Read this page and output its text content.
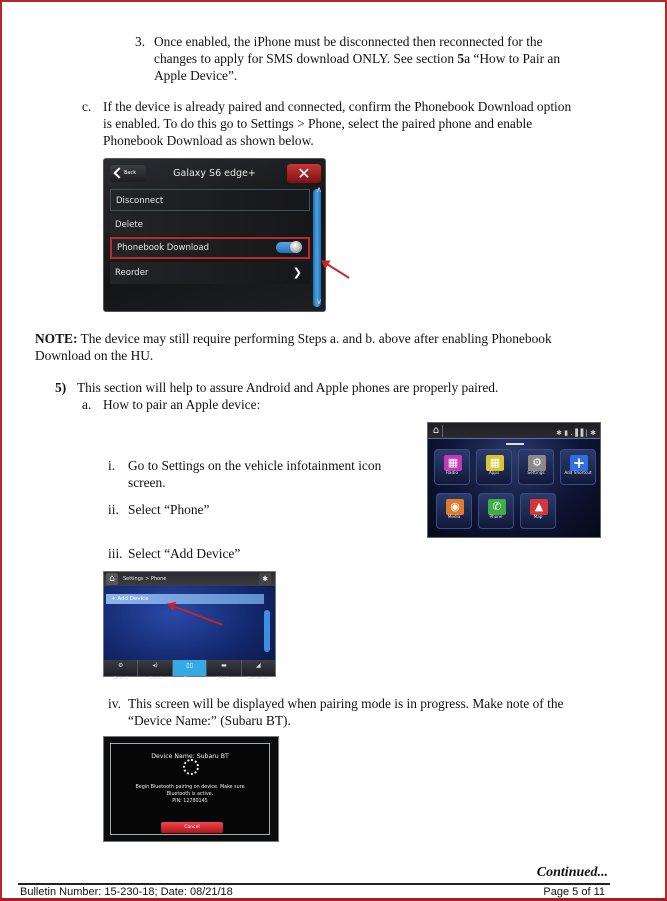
3. Once enabled, the iPhone must be disconnected then reconnected for the
changes to apply for SMS download ONLY. See section 5a “How to Pair an
Apple Device”.
c. If the device is already paired and connected, confirm the Phonebook Download option
is enabled. To do this go to Settings > Phone, select the paired phone and enable
Phonebook Download as shown below.
Back	Galaxy S6 edge+	✕
Disconnect
Delete
Phonebook Download
Reorder	❯
∧
∨
NOTE: The device may still require performing Steps a. and b. above after enabling Phonebook
Download on the HU.
5) This section will help to assure Android and Apple phones are properly paired.
a. How to pair an Apple device:
i. Go to Settings on the vehicle infotainment icon
screen.
ii. Select “Phone”
iii. Select “Add Device”
⌂	✱ ▮ .▐▐ | ✱
▦
Radio
▦
Apps
⚙
Settings
+
Add Shortcut
◉
Media
✆
Phone
▲
Map
⌂	Settings > Phone	✱
+ Add Device
⚙
General
◂)
Sound
▯▯
Phone
▬
Vehicle
◢
Navigation
iv. This screen will be displayed when pairing mode is in progress. Make note of the
“Device Name:” (Subaru BT).
Device Name: Subaru BT
Begin Bluetooth pairing on device. Make sure
Bluetooth is active.
PIN: 12780145
Cancel
Continued...
Bulletin Number: 15-230-18; Date: 08/21/18	Page 5 of 11
